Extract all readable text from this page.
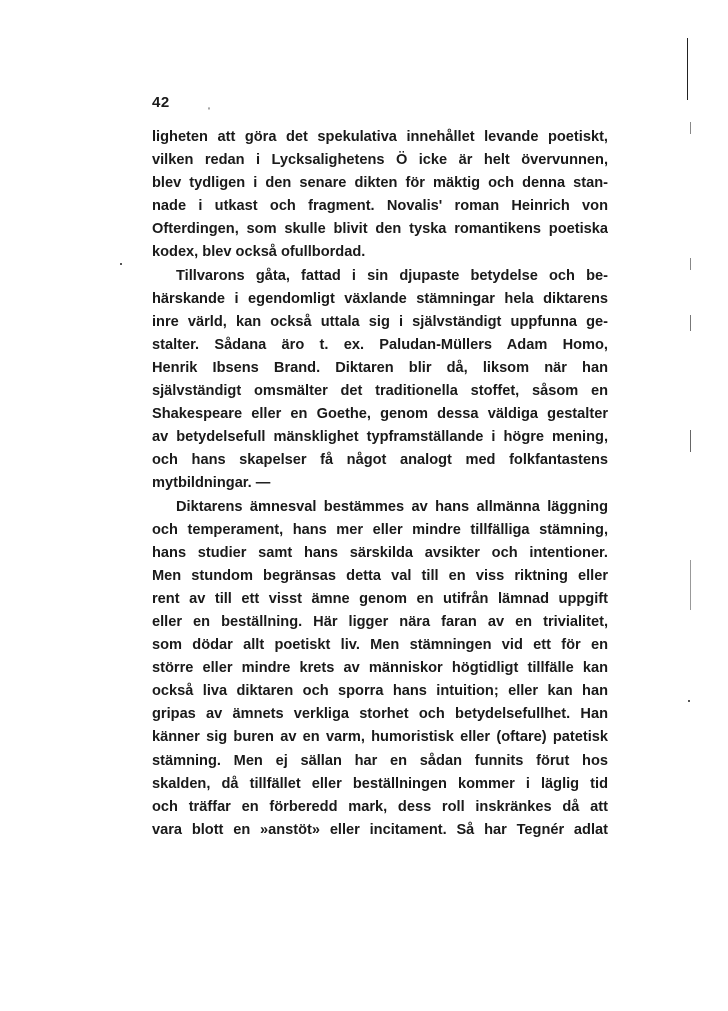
42	ˌ
ligheten att göra det spekulativa innehållet levande poetiskt,
vilken redan i Lycksalighetens Ö icke är helt övervunnen,
blev tydligen i den senare dikten för mäktig och denna stan-
nade i utkast och fragment. Novalis' roman Heinrich von
Ofterdingen, som skulle blivit den tyska romantikens poetiska
kodex, blev också ofullbordad.
Tillvarons gåta, fattad i sin djupaste betydelse och be-
härskande i egendomligt växlande stämningar hela diktarens
inre värld, kan också uttala sig i självständigt uppfunna ge-
stalter. Sådana äro t. ex. Paludan-Müllers Adam Homo,
Henrik Ibsens Brand. Diktaren blir då, liksom när han
självständigt omsmälter det traditionella stoffet, såsom en
Shakespeare eller en Goethe, genom dessa väldiga gestalter
av betydelsefull mänsklighet typframställande i högre mening,
och hans skapelser få något analogt med folkfantastens
mytbildningar. —
Diktarens ämnesval bestämmes av hans allmänna läggning
och temperament, hans mer eller mindre tillfälliga stämning,
hans studier samt hans särskilda avsikter och intentioner.
Men stundom begränsas detta val till en viss riktning eller
rent av till ett visst ämne genom en utifrån lämnad uppgift
eller en beställning. Här ligger nära faran av en trivialitet,
som dödar allt poetiskt liv. Men stämningen vid ett för en
större eller mindre krets av människor högtidligt tillfälle kan
också liva diktaren och sporra hans intuition; eller kan han
gripas av ämnets verkliga storhet och betydelsefullhet. Han
känner sig buren av en varm, humoristisk eller (oftare) patetisk
stämning. Men ej sällan har en sådan funnits förut hos
skalden, då tillfället eller beställningen kommer i läglig tid
och träffar en förberedd mark, dess roll inskränkes då att
vara blott en »anstöt» eller incitament. Så har Tegnér adlat
